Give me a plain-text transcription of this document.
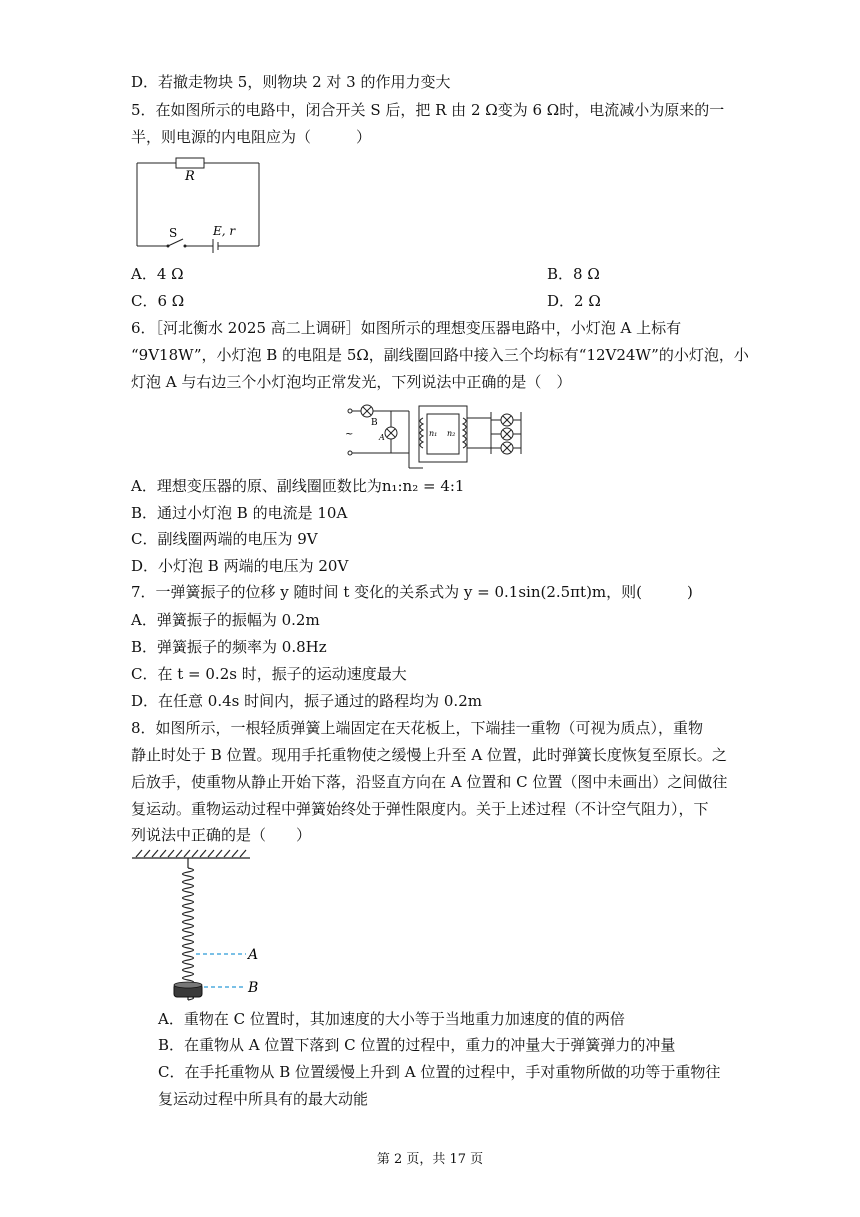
D．若撤走物块 5，则物块 2 对 3 的作用力变大
5．在如图所示的电路中，闭合开关 S 后，把 R 由 2 Ω变为 6 Ω时，电流减小为原来的一
半，则电源的内电阻应为（　　　）
R
S	E, r
A．4 Ω	B．8 Ω
C．6 Ω	D．2 Ω
6．［河北衡水 2025 高二上调研］如图所示的理想变压器电路中，小灯泡 A 上标有
“9V18W”，小灯泡 B 的电阻是 5Ω，副线圈回路中接入三个均标有“12V24W”的小灯泡，小
灯泡 A 与右边三个小灯泡均正常发光，下列说法中正确的是（　）
B
A
~	n₁ n₂
A．理想变压器的原、副线圈匝数比为n₁:n₂ = 4:1
B．通过小灯泡 B 的电流是 10A
C．副线圈两端的电压为 9V
D．小灯泡 B 两端的电压为 20V
7．一弹簧振子的位移 y 随时间 t 变化的关系式为 y = 0.1sin(2.5πt)m，则(　　　)
A．弹簧振子的振幅为 0.2m
B．弹簧振子的频率为 0.8Hz
C．在 t = 0.2s 时，振子的运动速度最大
D．在任意 0.4s 时间内，振子通过的路程均为 0.2m
8．如图所示，一根轻质弹簧上端固定在天花板上，下端挂一重物（可视为质点），重物
静止时处于 B 位置。现用手托重物使之缓慢上升至 A 位置，此时弹簧长度恢复至原长。之
后放手，使重物从静止开始下落，沿竖直方向在 A 位置和 C 位置（图中未画出）之间做往
复运动。重物运动过程中弹簧始终处于弹性限度内。关于上述过程（不计空气阻力），下
列说法中正确的是（　　）
A
B
A．重物在 C 位置时，其加速度的大小等于当地重力加速度的值的两倍
B．在重物从 A 位置下落到 C 位置的过程中，重力的冲量大于弹簧弹力的冲量
C．在手托重物从 B 位置缓慢上升到 A 位置的过程中，手对重物所做的功等于重物往
复运动过程中所具有的最大动能
第 2 页，共 17 页
